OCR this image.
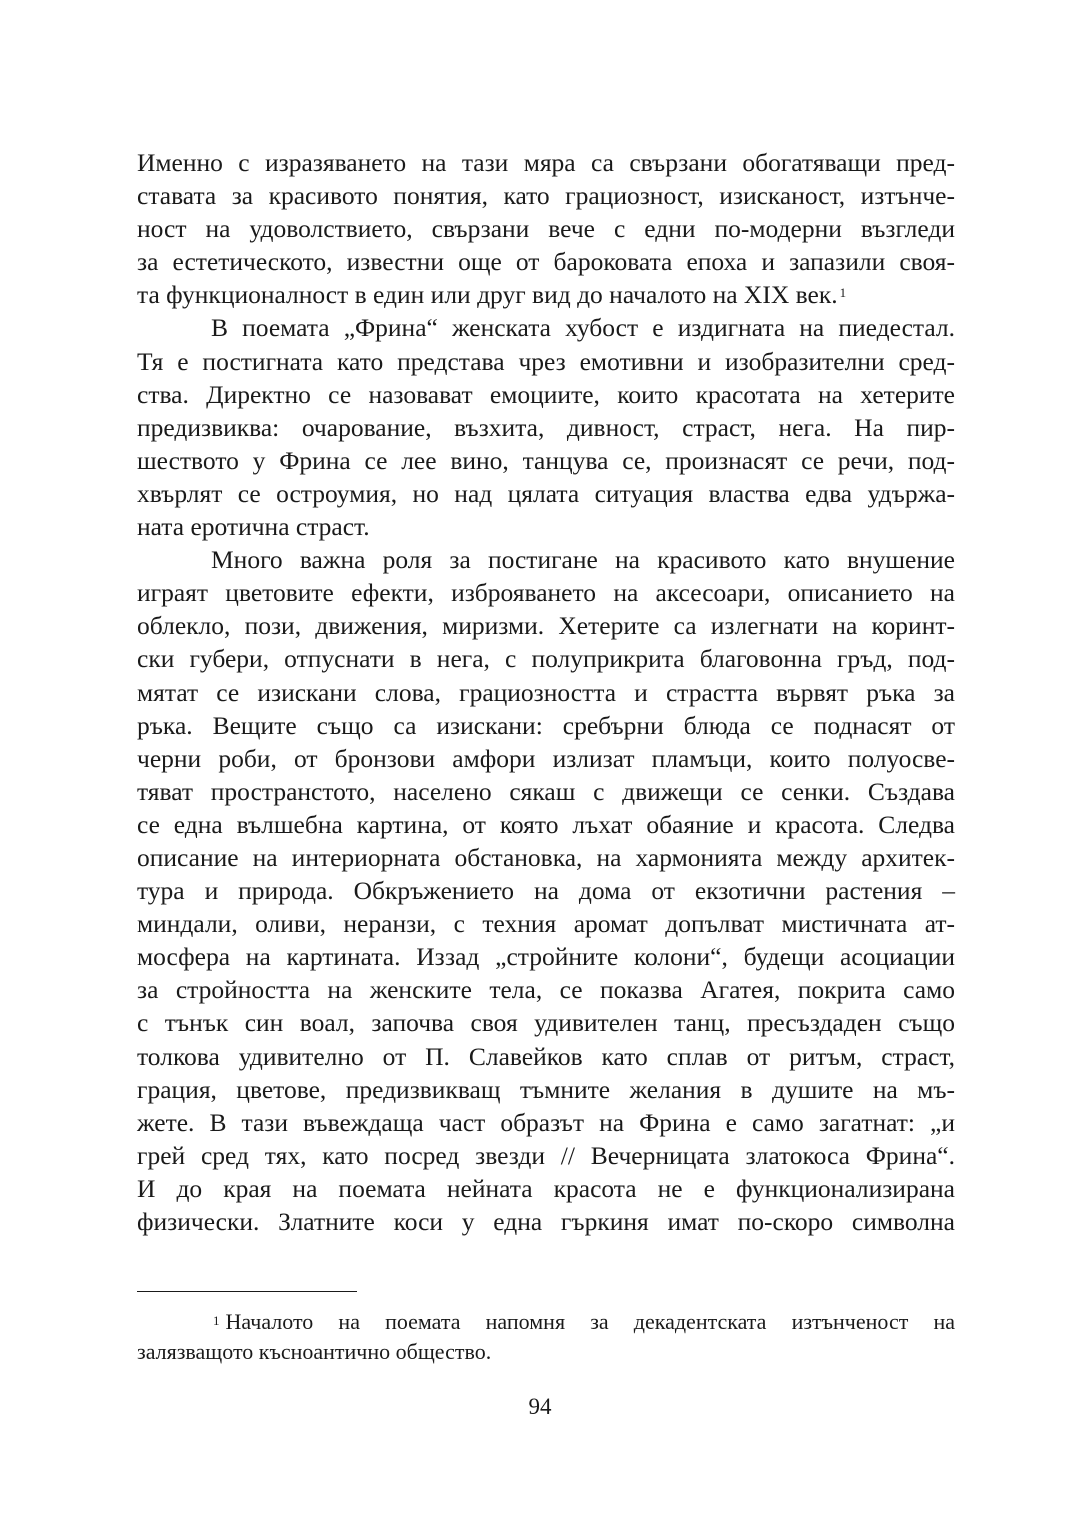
Именно с изразяването на тази мяра са свързани обогатяващи пред-
ставата за красивото понятия, като грациозност, изисканост, изтънче-
ност на удоволствието, свързани вече с едни по-модерни възгледи
за естетическото, известни още от бароковата епоха и запазили своя-
та функционалност в един или друг вид до началото на XIX век. $^1$
В поемата „Фрина“ женската хубост е издигната на пиедестал.
Тя е постигната като представа чрез емотивни и изобразителни сред-
ства. Директно се назовават емоциите, които красотата на хетерите
предизвиква: очарование, възхита, дивност, страст, нега. На пир-
шеството у Фрина се лее вино, танцува се, произнасят се речи, под-
хвърлят се остроумия, но над цялата ситуация властва едва удържа-
ната еротична страст.
Много важна роля за постигане на красивото като внушение
играят цветовите ефекти, изброяването на аксесоари, описанието на
облекло, пози, движения, миризми. Хетерите са излегнати на коринт-
ски губери, отпуснати в нега, с полуприкрита благовонна гръд, под-
мятат се изискани слова, грациозността и страстта вървят ръка за
ръка. Вещите също са изискани: сребърни блюда се поднасят от
черни роби, от бронзови амфори излизат пламъци, които полуосве-
тяват пространстото, населено сякаш с движещи се сенки. Създава
се една вълшебна картина, от която лъхат обаяние и красота. Следва
описание на интериорната обстановка, на хармонията между архитек-
тура и природа. Обкръжението на дома от екзотични растения –
миндали, оливи, неранзи, с техния аромат допълват мистичната ат-
мосфера на картината. Иззад „стройните колони“, будещи асоциации
за стройността на женските тела, се показва Агатея, покрита само
с тънък син воал, започва своя удивителен танц, пресъздаден също
толкова удивително от П. Славейков като сплав от ритъм, страст,
грация, цветове, предизвикващ тъмните желания в душите на мъ-
жете. В тази въвеждаща част образът на Фрина е само загатнат: „и
грей сред тях, като посред звезди // Вечерницата златокоса Фрина“.
И до края на поемата нейната красота не е функционализирана
физически. Златните коси у една гъркиня имат по-скоро символна
$^1$ Началото на поемата напомня за декадентската изтънченост на
залязващото късноантично общество.
94
